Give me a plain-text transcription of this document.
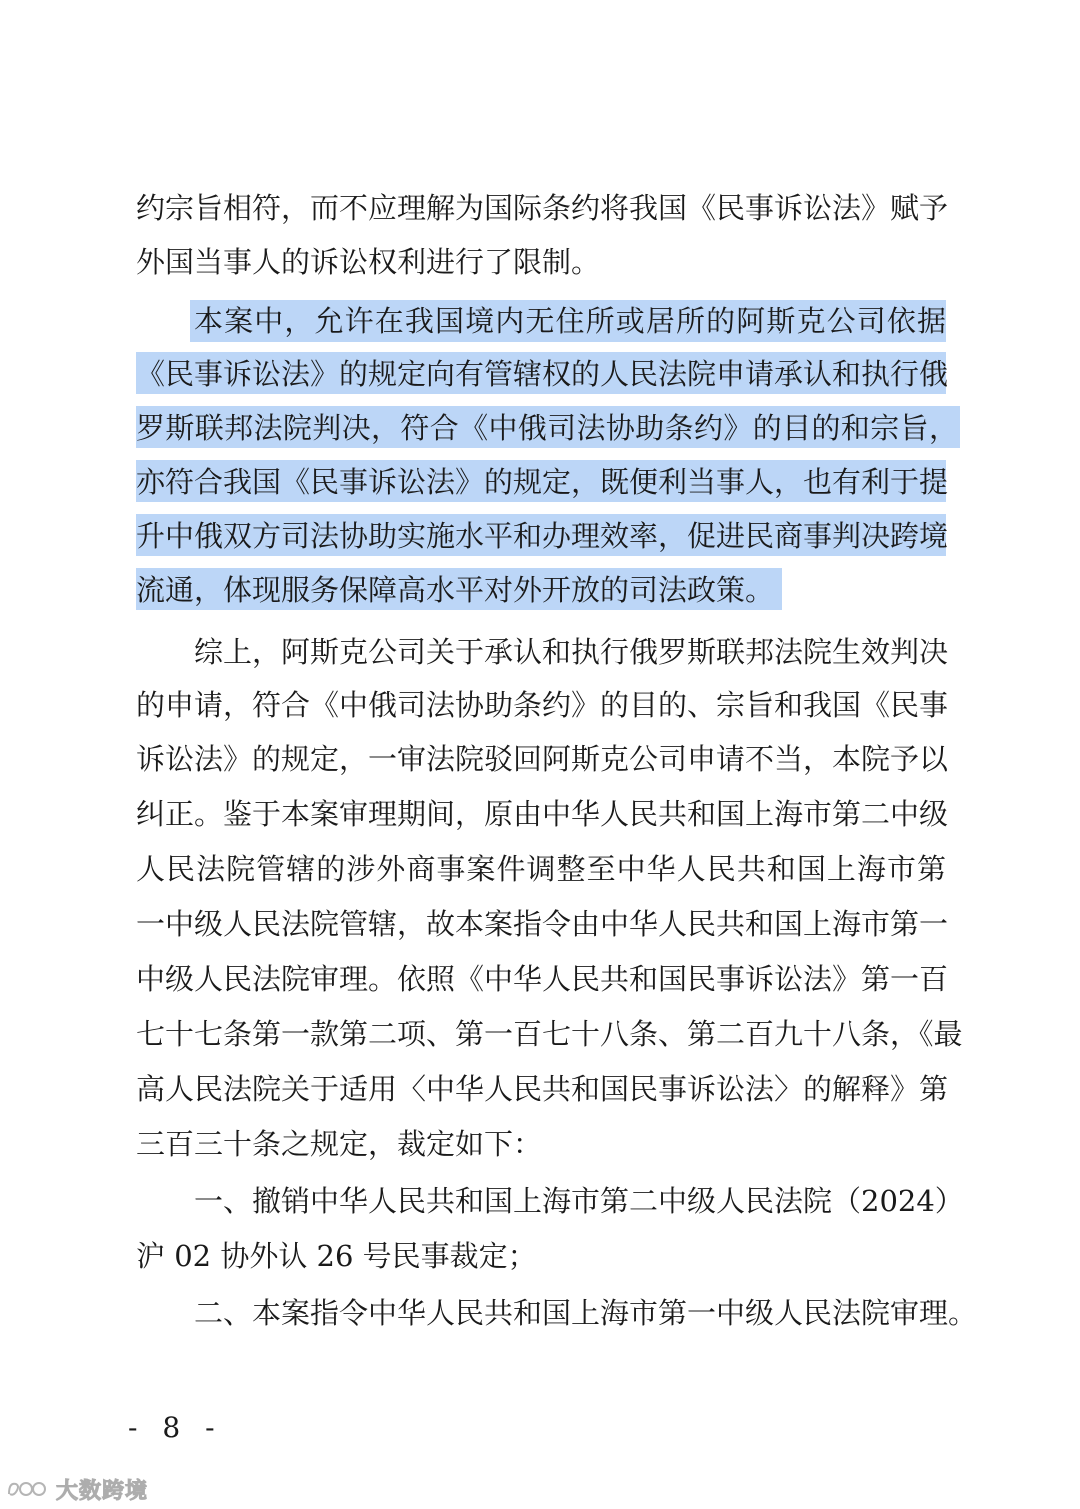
约宗旨相符，而不应理解为国际条约将我国《民事诉讼法》赋予
外国当事人的诉讼权利进行了限制。
本案中，允许在我国境内无住所或居所的阿斯克公司依据
《民事诉讼法》的规定向有管辖权的人民法院申请承认和执行俄
罗斯联邦法院判决，符合《中俄司法协助条约》的目的和宗旨，
亦符合我国《民事诉讼法》的规定，既便利当事人，也有利于提
升中俄双方司法协助实施水平和办理效率，促进民商事判决跨境
流通，体现服务保障高水平对外开放的司法政策。
综上，阿斯克公司关于承认和执行俄罗斯联邦法院生效判决
的申请，符合《中俄司法协助条约》的目的、宗旨和我国《民事
诉讼法》的规定，一审法院驳回阿斯克公司申请不当，本院予以
纠正。鉴于本案审理期间，原由中华人民共和国上海市第二中级
人民法院管辖的涉外商事案件调整至中华人民共和国上海市第
一中级人民法院管辖，故本案指令由中华人民共和国上海市第一
中级人民法院审理。依照《中华人民共和国民事诉讼法》第一百
七十七条第一款第二项、第一百七十八条、第二百九十八条，《最
高人民法院关于适用〈中华人民共和国民事诉讼法〉的解释》第
三百三十条之规定，裁定如下：
一、撤销中华人民共和国上海市第二中级人民法院（2024）
沪 02 协外认 26 号民事裁定；
二、本案指令中华人民共和国上海市第一中级人民法院审理。
- 8 -
大数跨境
